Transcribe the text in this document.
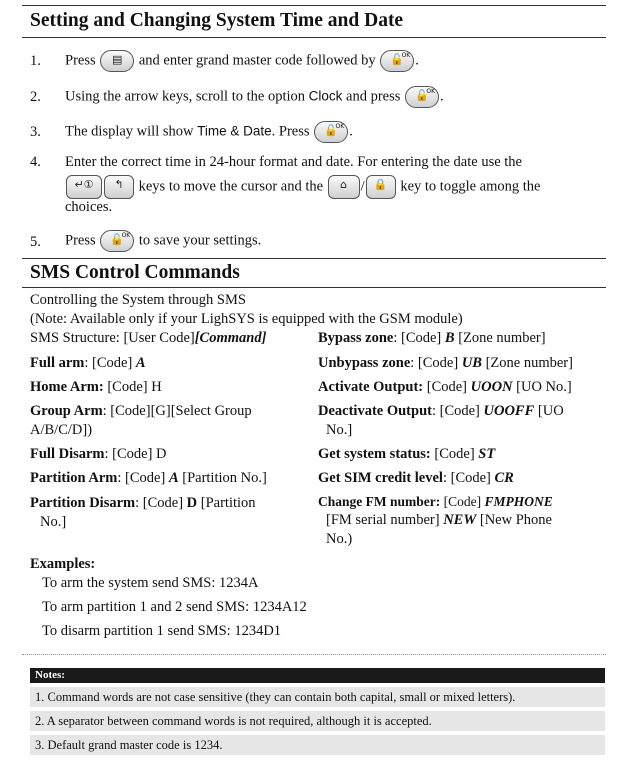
Setting and Changing System Time and Date
1. Press	▤	and enter grand master code followed by	🔓
OK .
2. Using the arrow keys, scroll to the option Clock and press	🔓
OK .
3. The display will show Time & Date. Press	🔓
OK .
4. Enter the correct time in 24-hour format and date. For entering the date use the
↵①	↰	keys to move the cursor and the	⌂ / 🔒 key to toggle among the
choices.
5. Press	🔓
OK to save your settings.
SMS Control Commands
Controlling the System through SMS
(Note: Available only if your LighSYS is equipped with the GSM module)
SMS Structure: [User Code][Command]
Full arm: [Code] A
Home Arm: [Code] H
Group Arm: [Code][G][Select Group
A/B/C/D])
Full Disarm: [Code] D
Partition Arm: [Code] A [Partition No.]
Partition Disarm: [Code] D [Partition
No.]
Bypass zone: [Code] B [Zone number]
Unbypass zone: [Code] UB [Zone number]
Activate Output: [Code] UOON [UO No.]
Deactivate Output: [Code] UOOFF [UO
No.]
Get system status: [Code] ST
Get SIM credit level: [Code] CR
Change FM number: [Code] FMPHONE
[FM serial number] NEW [New Phone
No.)
Examples:
To arm the system send SMS: 1234A
To arm partition 1 and 2 send SMS: 1234A12
To disarm partition 1 send SMS: 1234D1
Notes:
1. Command words are not case sensitive (they can contain both capital, small or mixed letters).
2. A separator between command words is not required, although it is accepted.
3. Default grand master code is 1234.
